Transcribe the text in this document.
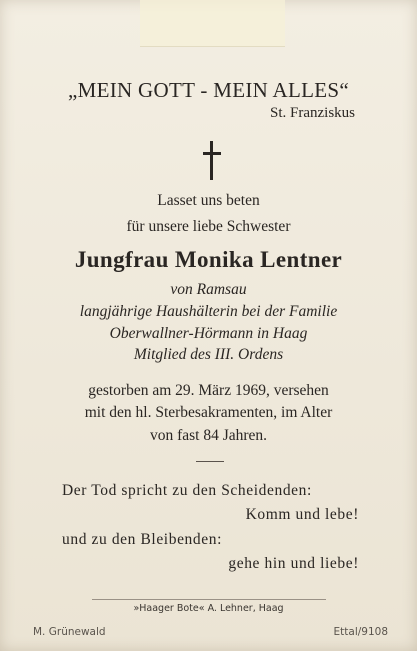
„MEIN GOTT - MEIN ALLES“
St. Franziskus
Lasset uns beten
für unsere liebe Schwester
Jungfrau Monika Lentner
von Ramsau
langjährige Haushälterin bei der Familie
Oberwallner-Hörmann in Haag
Mitglied des III. Ordens
gestorben am 29. März 1969, versehen
mit den hl. Sterbesakramenten, im Alter
von fast 84 Jahren.
Der Tod spricht zu den Scheidenden:
Komm und lebe!
und zu den Bleibenden:
gehe hin und liebe!
»Haager Bote« A. Lehner, Haag
M. Grünewald	Ettal/9108
